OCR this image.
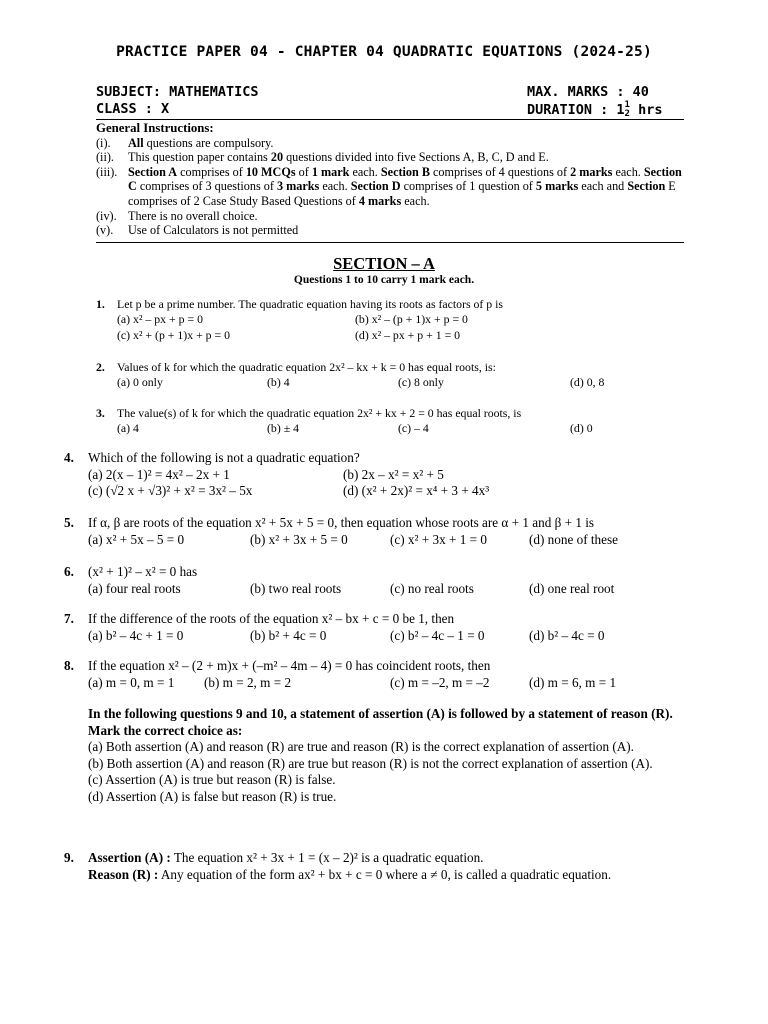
PRACTICE PAPER 04 - CHAPTER 04 QUADRATIC EQUATIONS (2024-25)
SUBJECT: MATHEMATICS
CLASS : X
MAX. MARKS : 40
DURATION : 11
2 hrs
General Instructions:
(i).	All questions are compulsory.
(ii).	This question paper contains 20 questions divided into five Sections A, B, C, D and E.
(iii). Section A comprises of 10 MCQs of 1 mark each. Section B comprises of 4 questions of 2 marks each. Section C comprises of 3 questions of 3 marks each. Section D comprises of 1 question of 5 marks each and Section E comprises of 2 Case Study Based Questions of 4 marks each.
(iv). There is no overall choice.
(v).	Use of Calculators is not permitted
SECTION – A
Questions 1 to 10 carry 1 mark each.
1. Let p be a prime number. The quadratic equation having its roots as factors of p is
(a) x² – px + p = 0	(b) x² – (p + 1)x + p = 0
(c) x² + (p + 1)x + p = 0	(d) x² – px + p + 1 = 0
2. Values of k for which the quadratic equation 2x² – kx + k = 0 has equal roots, is:
(a) 0 only	(b) 4	(c) 8 only	(d) 0, 8
3. The value(s) of k for which the quadratic equation 2x² + kx + 2 = 0 has equal roots, is
(a) 4	(b) ± 4	(c) – 4	(d) 0
4. Which of the following is not a quadratic equation?
(a) 2(x – 1)² = 4x² – 2x + 1	(b) 2x – x² = x² + 5
(c) (√2 x + √3)² + x² = 3x² – 5x	(d) (x² + 2x)² = x⁴ + 3 + 4x³
5. If α, β are roots of the equation x² + 5x + 5 = 0, then equation whose roots are α + 1 and β + 1 is
(a) x² + 5x – 5 = 0	(b) x² + 3x + 5 = 0	(c) x² + 3x + 1 = 0	(d) none of these
6. (x² + 1)² – x² = 0 has
(a) four real roots	(b) two real roots	(c) no real roots	(d) one real root
7. If the difference of the roots of the equation x² – bx + c = 0 be 1, then
(a) b² – 4c + 1 = 0	(b) b² + 4c = 0	(c) b² – 4c – 1 = 0	(d) b² – 4c = 0
8. If the equation x² – (2 + m)x + (–m² – 4m – 4) = 0 has coincident roots, then
(a) m = 0, m = 1 (b) m = 2, m = 2	(c) m = –2, m = –2	(d) m = 6, m = 1
In the following questions 9 and 10, a statement of assertion (A) is followed by a statement of reason (R). Mark the correct choice as:
(a) Both assertion (A) and reason (R) are true and reason (R) is the correct explanation of assertion (A).
(b) Both assertion (A) and reason (R) are true but reason (R) is not the correct explanation of assertion (A).
(c) Assertion (A) is true but reason (R) is false.
(d) Assertion (A) is false but reason (R) is true.
9. Assertion (A) : The equation x² + 3x + 1 = (x – 2)² is a quadratic equation.
Reason (R) : Any equation of the form ax² + bx + c = 0 where a ≠ 0, is called a quadratic equation.
